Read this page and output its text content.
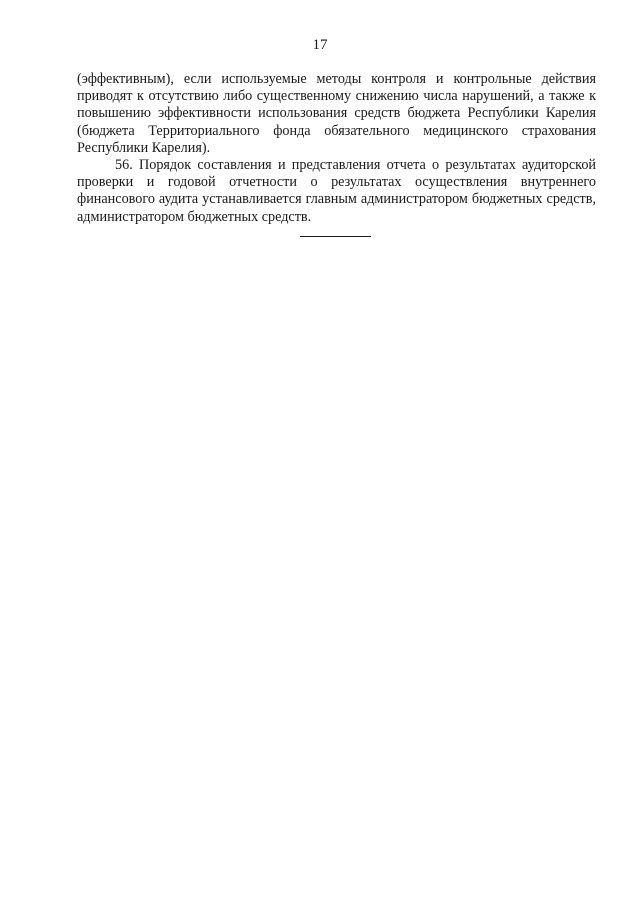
17

(эффективным), если используемые методы контроля и контрольные действия приводят к отсутствию либо существенному снижению числа нарушений, а также к повышению эффективности использования средств бюджета Республики Карелия (бюджета Территориального фонда обязательного медицинского страхования Республики Карелия).

56. Порядок составления и представления отчета о результатах аудиторской проверки и годовой отчетности о результатах осуществления внутреннего финансового аудита устанавливается главным администратором бюджетных средств, администратором бюджетных средств.
